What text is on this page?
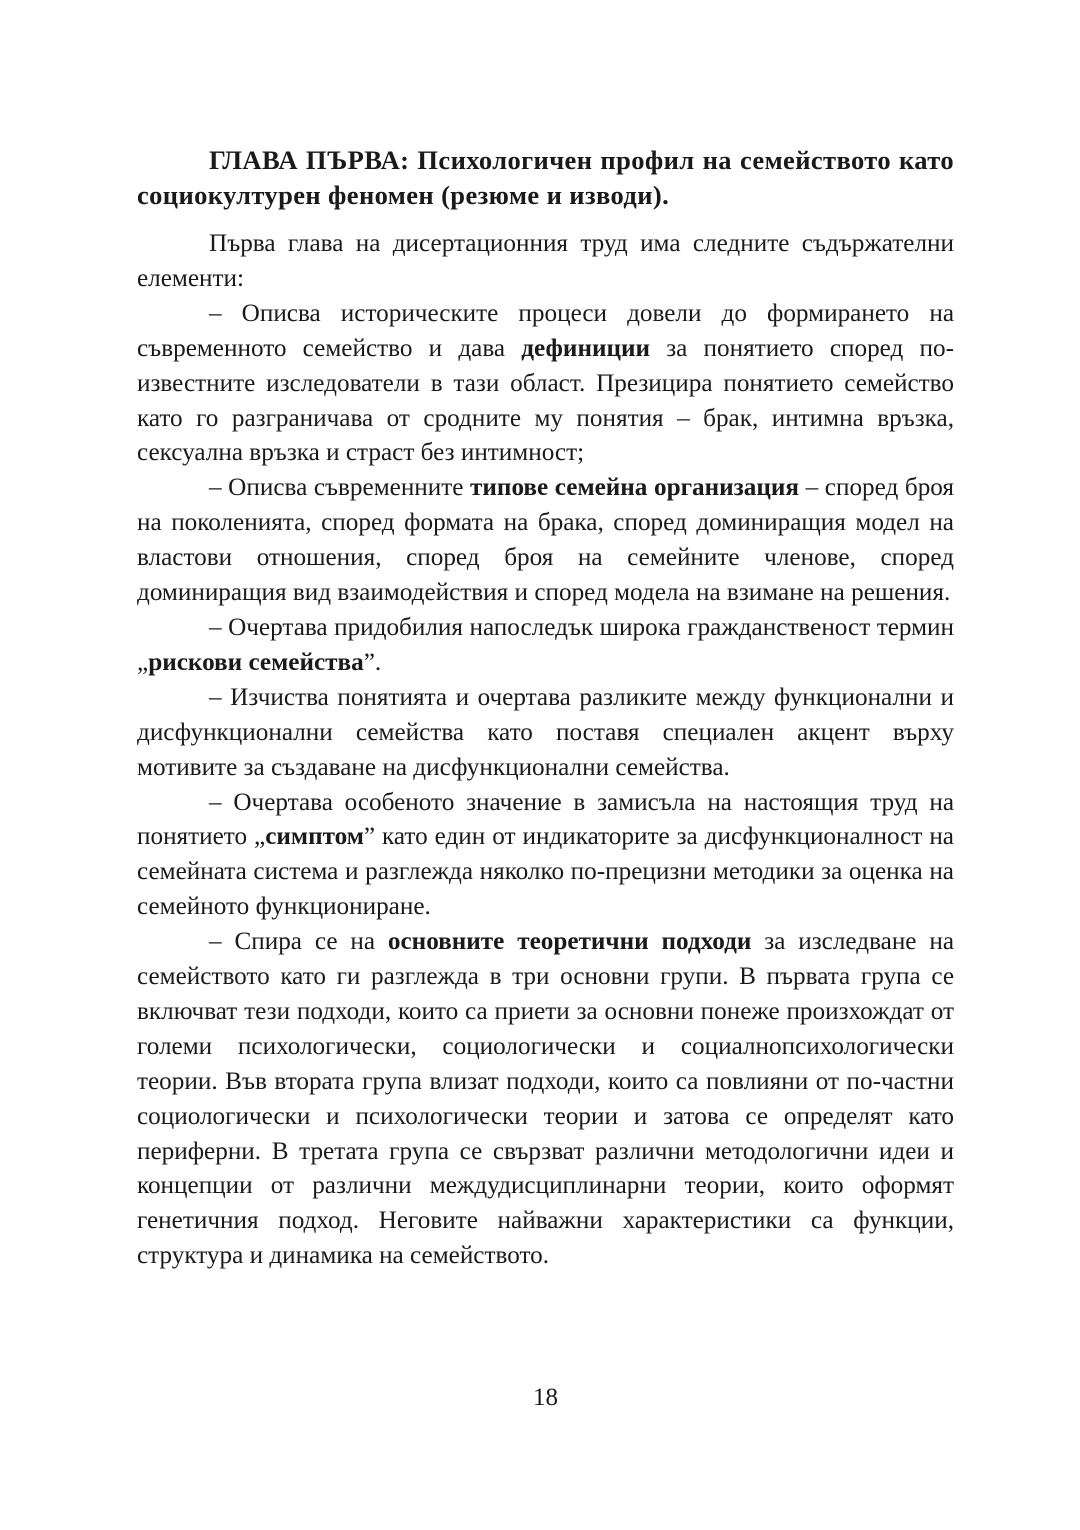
ГЛАВА ПЪРВА: Психологичен профил на семейството като социокултурен феномен (резюме и изводи).

Първа глава на дисертационния труд има следните съдържателни елементи:

– Описва историческите процеси довели до формирането на съвременното семейство и дава дефиниции за понятието според по-известните изследователи в тази област. Презицира понятието семейство като го разграничава от сродните му понятия – брак, интимна връзка, сексуална връзка и страст без интимност;

– Описва съвременните типове семейна организация – според броя на поколенията, според формата на брака, според доминиращия модел на властови отношения, според броя на семейните членове, според доминиращия вид взаимодействия и според модела на взимане на решения.

– Очертава придобилия напоследък широка гражданственост термин „рискови семейства”.

– Изчиства понятията и очертава разликите между функционални и дисфункционални семейства като поставя специален акцент върху мотивите за създаване на дисфункционални семейства.

– Очертава особеното значение в замисъла на настоящия труд на понятието „симптом” като един от индикаторите за дисфункционалност на семейната система и разглежда няколко по-прецизни методики за оценка на семейното функциониране.

– Спира се на основните теоретични подходи за изследване на семейството като ги разглежда в три основни групи. В първата група се включват тези подходи, които са приети за основни понеже произхождат от големи психологически, социологически и социалнопсихологически теории. Във втората група влизат подходи, които са повлияни от по-частни социологически и психологически теории и затова се определят като периферни. В третата група се свързват различни методологични идеи и концепции от различни междудисциплинарни теории, които оформят генетичния подход. Неговите найважни характеристики са функции, структура и динамика на семейството.

18
